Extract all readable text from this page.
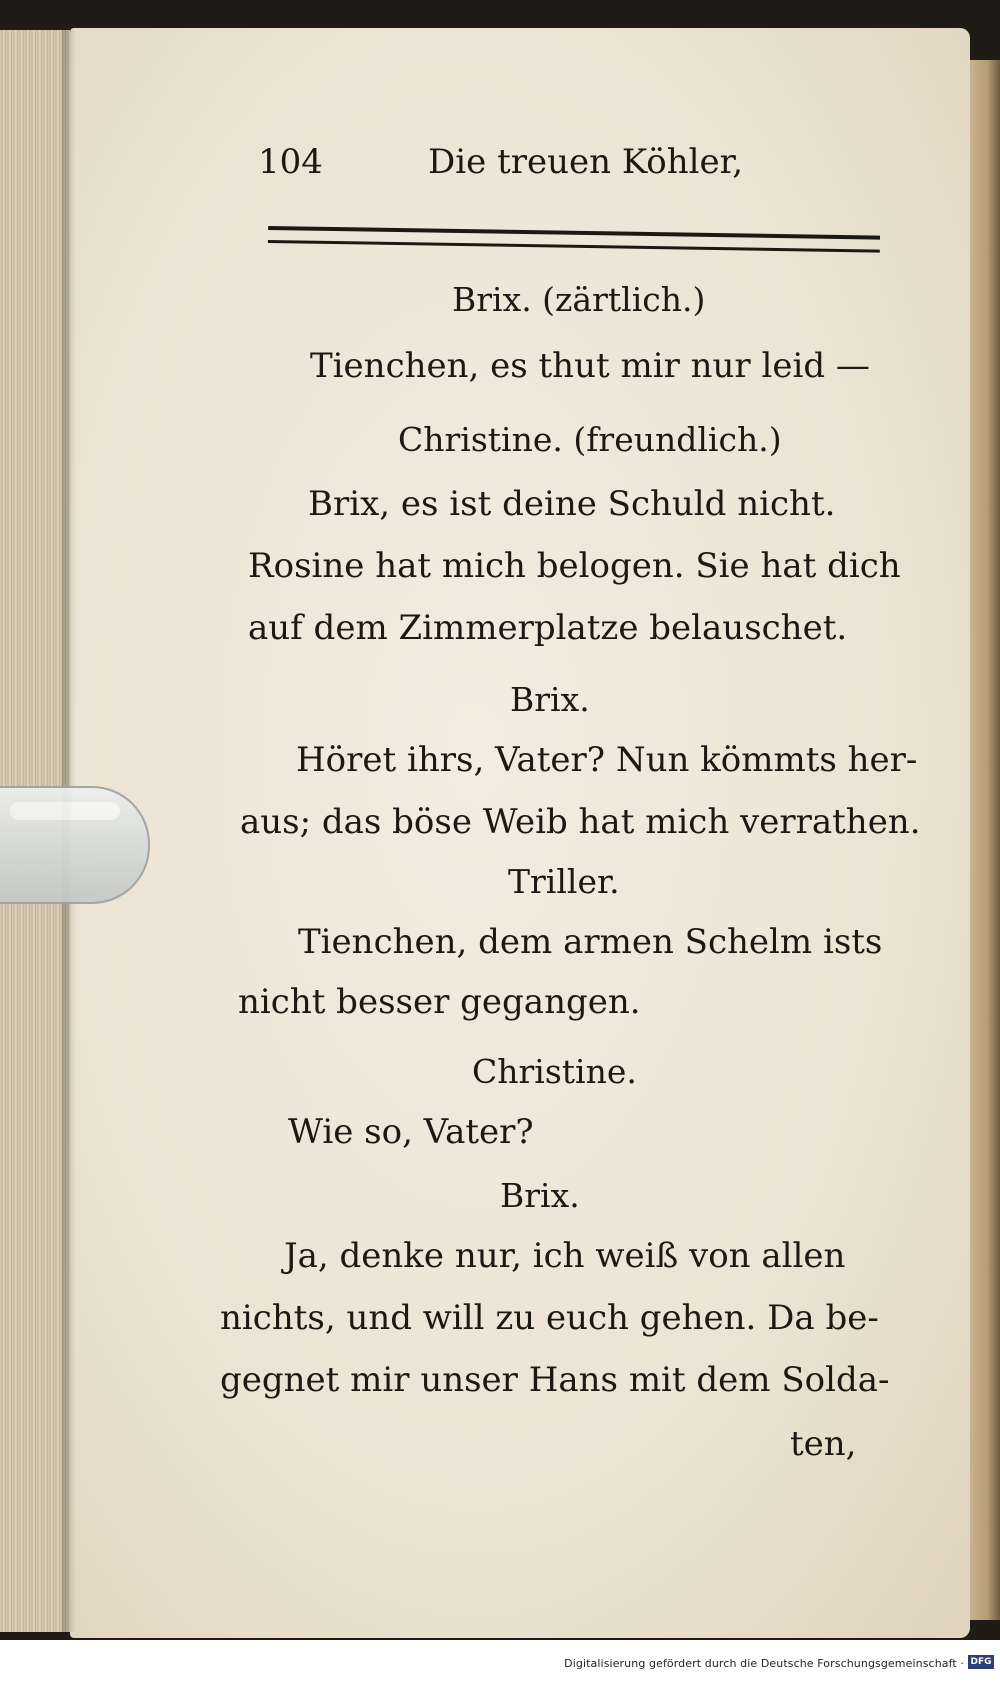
104	Die treuen Köhler,
Brix. (zärtlich.)
Tienchen, es thut mir nur leid —
Christine. (freundlich.)
Brix, es ist deine Schuld nicht.
Rosine hat mich belogen. Sie hat dich
auf dem Zimmerplatze belauschet.
Brix.
Höret ihrs, Vater? Nun kömmts her-
aus; das böse Weib hat mich verrathen.
Triller.
Tienchen, dem armen Schelm ists
nicht besser gegangen.
Christine.
Wie so, Vater?
Brix.
Ja, denke nur, ich weiß von allen
nichts, und will zu euch gehen. Da be-
gegnet mir unser Hans mit dem Solda-
ten,
Digitalisierung gefördert durch die Deutsche Forschungsgemeinschaft · DFG
